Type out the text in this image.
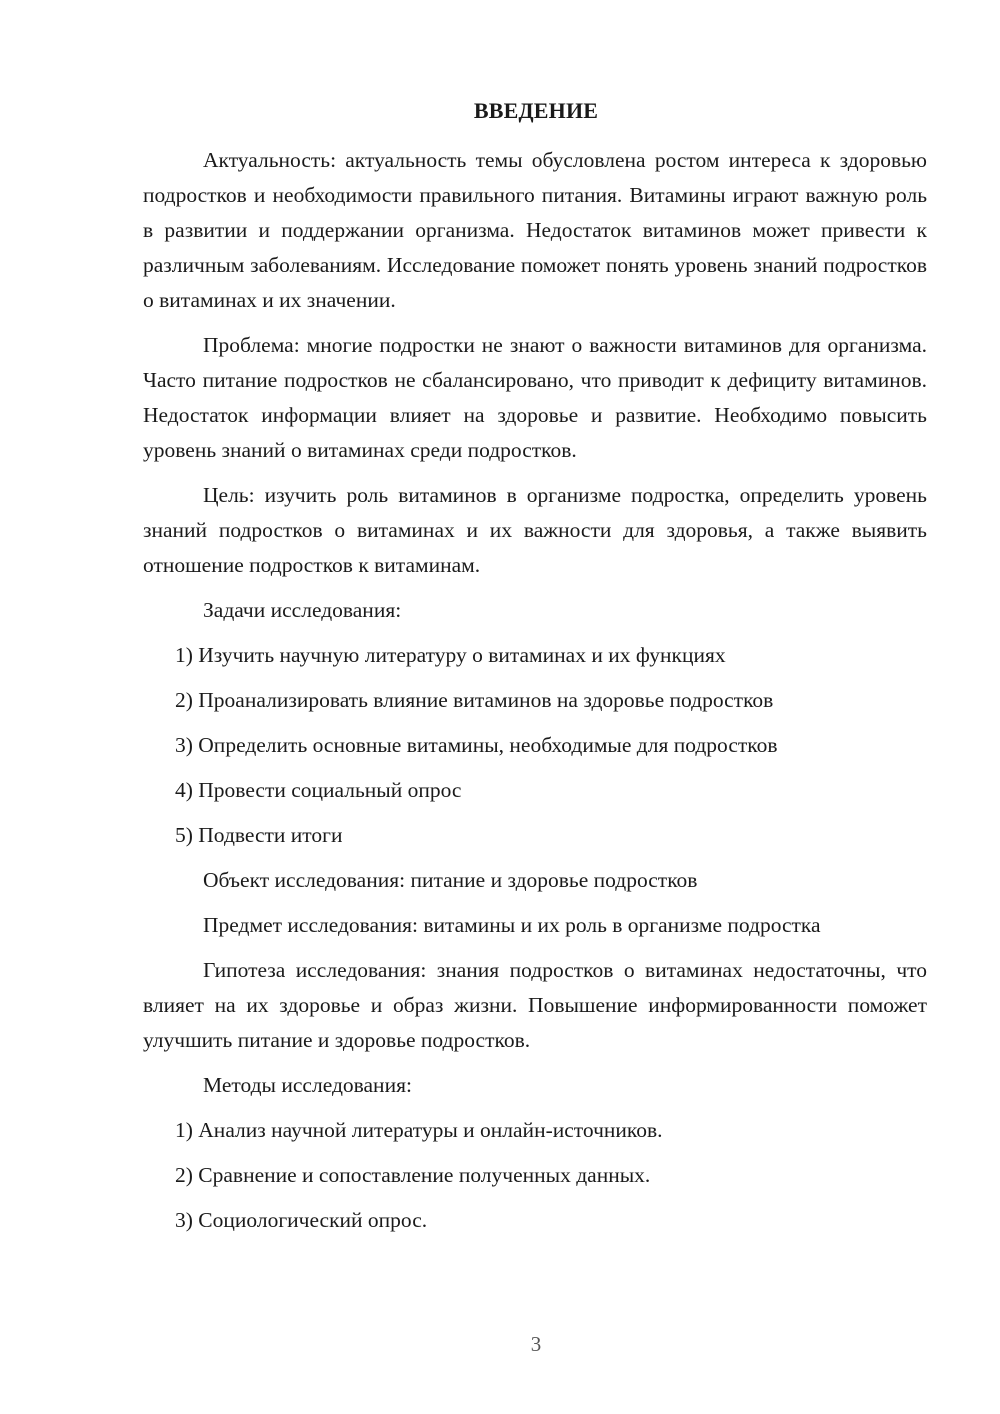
ВВЕДЕНИЕ

Актуальность: актуальность темы обусловлена ростом интереса к здоровью подростков и необходимости правильного питания. Витамины играют важную роль в развитии и поддержании организма. Недостаток витаминов может привести к различным заболеваниям. Исследование поможет понять уровень знаний подростков о витаминах и их значении.

Проблема: многие подростки не знают о важности витаминов для организма. Часто питание подростков не сбалансировано, что приводит к дефициту витаминов. Недостаток информации влияет на здоровье и развитие. Необходимо повысить уровень знаний о витаминах среди подростков.

Цель: изучить роль витаминов в организме подростка, определить уровень знаний подростков о витаминах и их важности для здоровья, а также выявить отношение подростков к витаминам.

Задачи исследования:

1) Изучить научную литературу о витаминах и их функциях

2) Проанализировать влияние витаминов на здоровье подростков

3) Определить основные витамины, необходимые для подростков

4) Провести социальный опрос

5) Подвести итоги

Объект исследования: питание и здоровье подростков

Предмет исследования: витамины и их роль в организме подростка

Гипотеза исследования: знания подростков о витаминах недостаточны, что влияет на их здоровье и образ жизни. Повышение информированности поможет улучшить питание и здоровье подростков.

Методы исследования:

1) Анализ научной литературы и онлайн-источников.

2) Сравнение и сопоставление полученных данных.

3) Социологический опрос.

3
